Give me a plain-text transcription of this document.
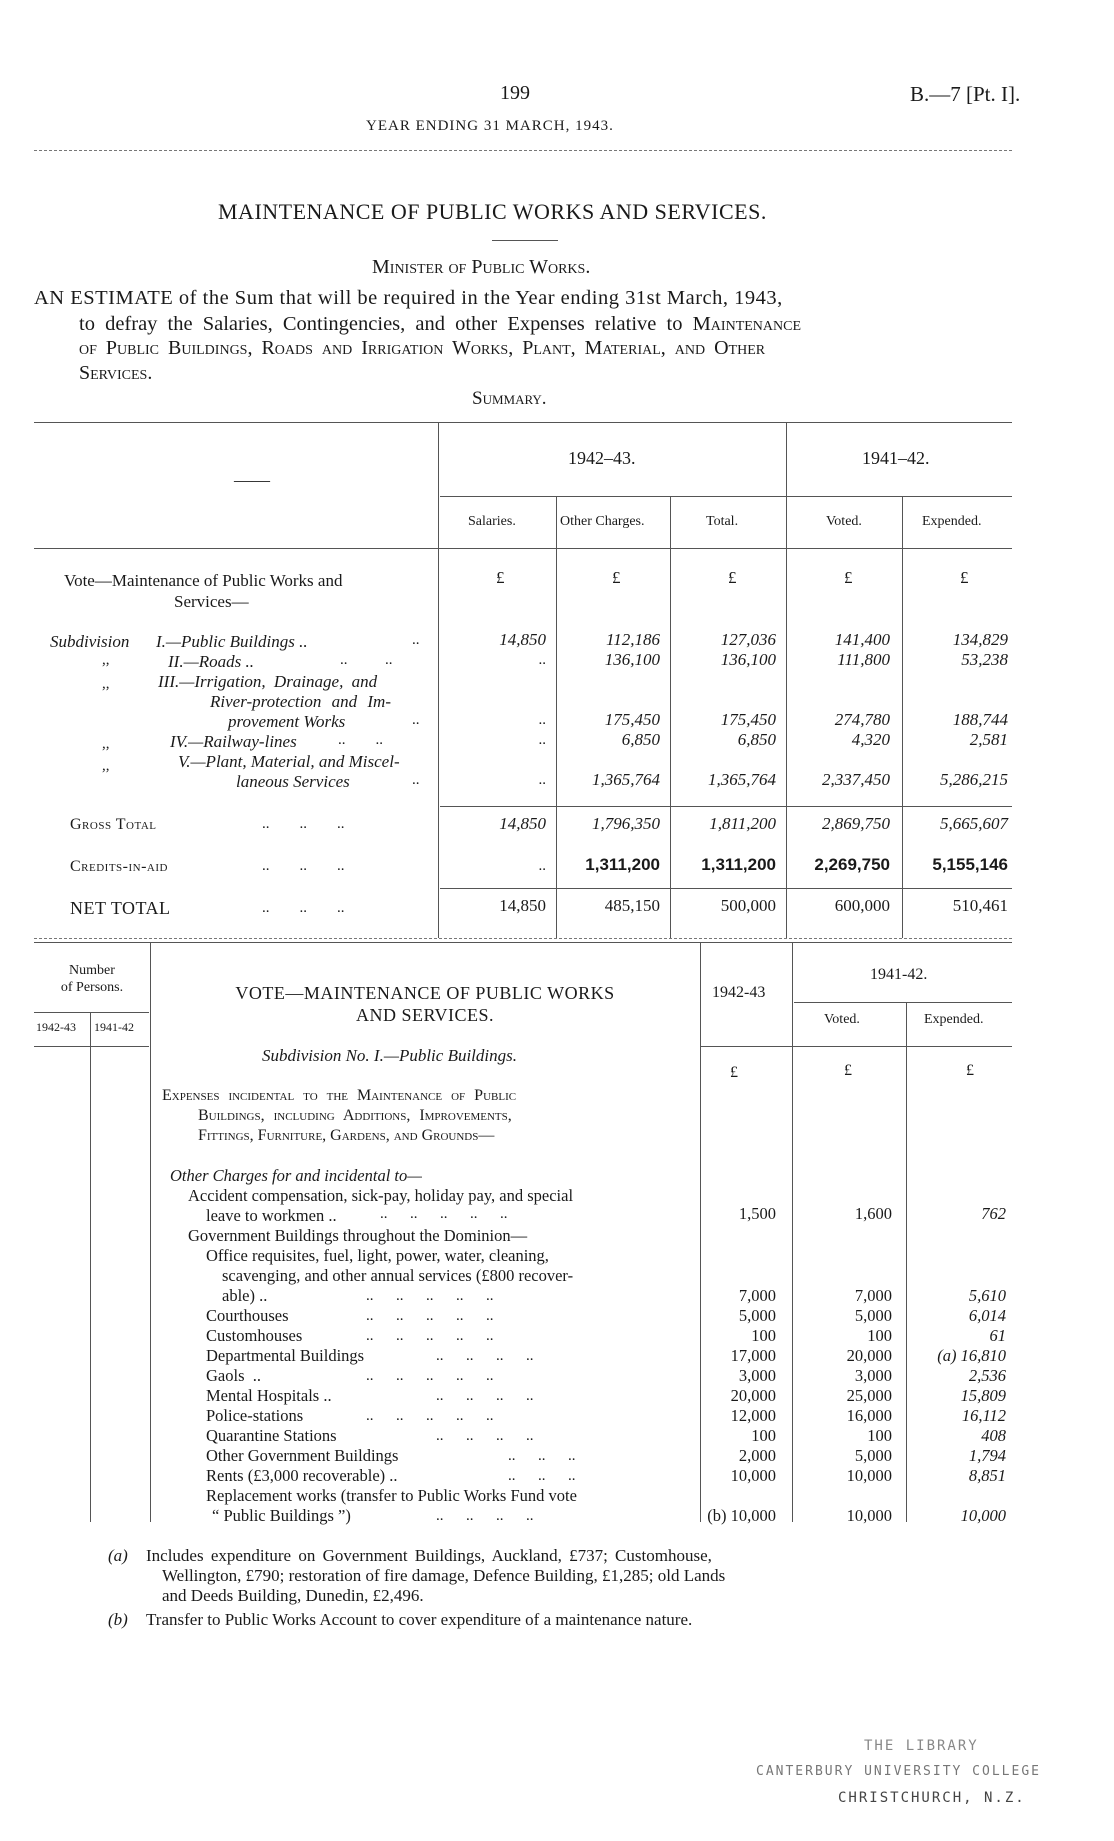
199	B.—7 [Pt. I].
YEAR ENDING 31 MARCH, 1943.
MAINTENANCE OF PUBLIC WORKS AND SERVICES.
Minister of Public Works.
AN ESTIMATE of the Sum that will be required in the Year ending 31st March, 1943,
to defray the Salaries, Contingencies, and other Expenses relative to Maintenance
of Public Buildings, Roads and Irrigation Works, Plant, Material, and Other
Services.
Summary.
——
1942–43.	1941–42.
Salaries.	Other Charges.	Total.	Voted.	Expended.
£	£	£	£	£
Vote—Maintenance of Public Works and
Services—
Subdivision I.—Public Buildings ..	..	14,850	112,186	127,036	141,400	134,829
,,	II.—Roads ..	..          ..	..	136,100	136,100	111,800	53,238
,,	III.—Irrigation, Drainage, and
River-protection and Im-
provement Works	..	..	175,450	175,450	274,780	188,744
,,	IV.—Railway-lines	..        ..	..	6,850	6,850	4,320	2,581
,,	V.—Plant, Material, and Miscel-
laneous Services	..	..	1,365,764	1,365,764	2,337,450	5,286,215
Gross Total	..        ..        ..	14,850	1,796,350	1,811,200	2,869,750	5,665,607
Credits-in-aid	..        ..        ..	..	1,311,200	1,311,200	2,269,750	5,155,146
NET TOTAL	..        ..        ..	14,850	485,150	500,000	600,000	510,461
Number
of Persons.
1942-43 1941-42
VOTE—MAINTENANCE OF PUBLIC WORKS
AND SERVICES.
1942-43
1941-42.
Voted.	Expended.
£	£	£
Subdivision No. I.—Public Buildings.
Expenses incidental to the Maintenance of Public
Buildings, including Additions, Improvements,
Fittings, Furniture, Gardens, and Grounds—
Other Charges for and incidental to—
Accident compensation, sick-pay, holiday pay, and special
leave to workmen ..	..      ..      ..      ..      ..	1,500	1,600	762
Government Buildings throughout the Dominion—
Office requisites, fuel, light, power, water, cleaning,
scavenging, and other annual services (£800 recover-
able) ..	..      ..      ..      ..      ..	7,000	7,000	5,610
Courthouses	..      ..      ..      ..      ..	5,000	5,000	6,014
Customhouses	..      ..      ..      ..      ..	100	100	61
Departmental Buildings	..      ..      ..      ..	17,000	20,000	(a) 16,810
Gaols  ..	..      ..      ..      ..      ..	3,000	3,000	2,536
Mental Hospitals ..	..      ..      ..      ..	20,000	25,000	15,809
Police-stations	..      ..      ..      ..      ..	12,000	16,000	16,112
Quarantine Stations	..      ..      ..      ..	100	100	408
Other Government Buildings	..      ..      ..	2,000	5,000	1,794
Rents (£3,000 recoverable) ..	..      ..      ..	10,000	10,000	8,851
Replacement works (transfer to Public Works Fund vote
“ Public Buildings ”)	..      ..      ..      ..	(b) 10,000	10,000	10,000
(a) Includes expenditure on Government Buildings, Auckland, £737; Customhouse,
Wellington, £790; restoration of fire damage, Defence Building, £1,285; old Lands
and Deeds Building, Dunedin, £2,496.
(b) Transfer to Public Works Account to cover expenditure of a maintenance nature.
THE LIBRARY
CANTERBURY UNIVERSITY COLLEGE
CHRISTCHURCH, N.Z.
